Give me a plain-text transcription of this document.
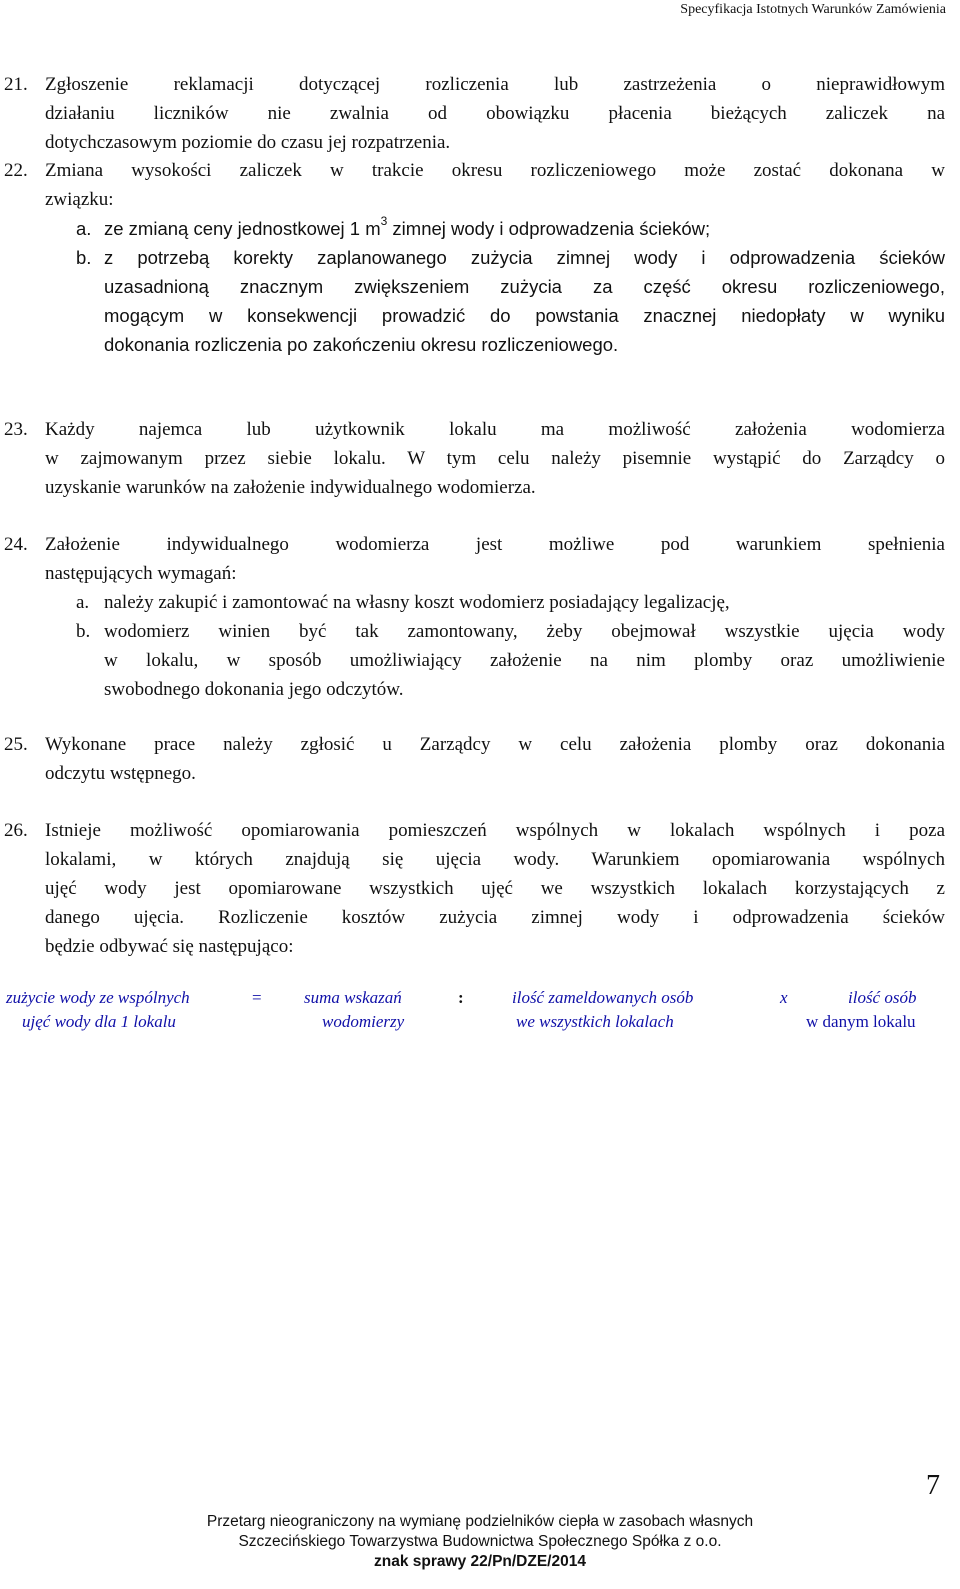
Specyfikacja Istotnych Warunków Zamówienia
21. Zgłoszenie reklamacji dotyczącej rozliczenia lub zastrzeżenia o nieprawidłowym
działaniu liczników nie zwalnia od obowiązku płacenia bieżących zaliczek na
dotychczasowym poziomie do czasu jej rozpatrzenia.
22. Zmiana wysokości zaliczek w trakcie okresu rozliczeniowego może zostać dokonana w
związku:
a. ze zmianą ceny jednostkowej 1 $m^3$ zimnej wody i odprowadzenia ścieków;
b. z potrzebą korekty zaplanowanego zużycia zimnej wody i odprowadzenia ścieków
uzasadnioną znacznym zwiększeniem zużycia za część okresu rozliczeniowego,
mogącym w konsekwencji prowadzić do powstania znacznej niedopłaty w wyniku
dokonania rozliczenia po zakończeniu okresu rozliczeniowego.
23. Każdy najemca lub użytkownik lokalu ma możliwość założenia wodomierza
w zajmowanym przez siebie lokalu. W tym celu należy pisemnie wystąpić do Zarządcy o
uzyskanie warunków na założenie indywidualnego wodomierza.
24. Założenie indywidualnego wodomierza jest możliwe pod warunkiem spełnienia
następujących wymagań:
a. należy zakupić i zamontować na własny koszt wodomierz posiadający legalizację,
b. wodomierz winien być tak zamontowany, żeby obejmował wszystkie ujęcia wody
w lokalu, w sposób umożliwiający założenie na nim plomby oraz umożliwienie
swobodnego dokonania jego odczytów.
25. Wykonane prace należy zgłosić u Zarządcy w celu założenia plomby oraz dokonania
odczytu wstępnego.
26. Istnieje możliwość opomiarowania pomieszczeń wspólnych w lokalach wspólnych i poza
lokalami, w których znajdują się ujęcia wody. Warunkiem opomiarowania wspólnych
ujęć wody jest opomiarowane wszystkich ujęć we wszystkich lokalach korzystających z
danego ujęcia. Rozliczenie kosztów zużycia zimnej wody i odprowadzenia ścieków
będzie odbywać się następująco:
zużycie wody ze wspólnych
ujęć wody dla 1 lokalu
= suma wskazań
wodomierzy
:	ilość zameldowanych osób
we wszystkich lokalach
x	ilość osób
w danym lokalu
7
Przetarg nieograniczony na wymianę podzielników ciepła w zasobach własnych
Szczecińskiego Towarzystwa Budownictwa Społecznego Spółka z o.o.
znak sprawy 22/Pn/DZE/2014
